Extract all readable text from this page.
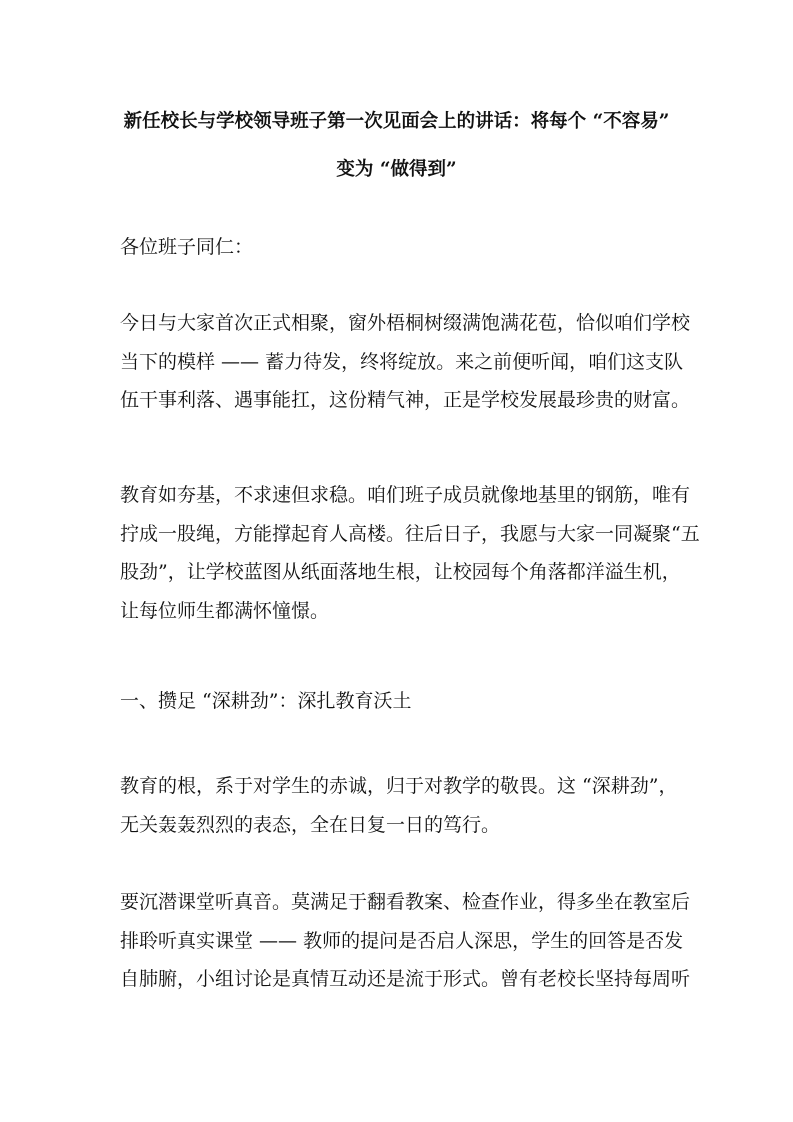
新任校长与学校领导班子第一次见面会上的讲话：将每个 “不容易”
变为 “做得到”

各位班子同仁：

今日与大家首次正式相聚，窗外梧桐树缀满饱满花苞，恰似咱们学校
当下的模样 —— 蓄力待发，终将绽放。来之前便听闻，咱们这支队
伍干事利落、遇事能扛，这份精气神，正是学校发展最珍贵的财富。

教育如夯基，不求速但求稳。咱们班子成员就像地基里的钢筋，唯有
拧成一股绳，方能撑起育人高楼。往后日子，我愿与大家一同凝聚“五
股劲”，让学校蓝图从纸面落地生根，让校园每个角落都洋溢生机，
让每位师生都满怀憧憬。

一、攒足 “深耕劲”：深扎教育沃土

教育的根，系于对学生的赤诚，归于对教学的敬畏。这 “深耕劲”，
无关轰轰烈烈的表态，全在日复一日的笃行。

要沉潜课堂听真音。莫满足于翻看教案、检查作业，得多坐在教室后
排聆听真实课堂 —— 教师的提问是否启人深思，学生的回答是否发
自肺腑，小组讨论是真情互动还是流于形式。曾有老校长坚持每周听
